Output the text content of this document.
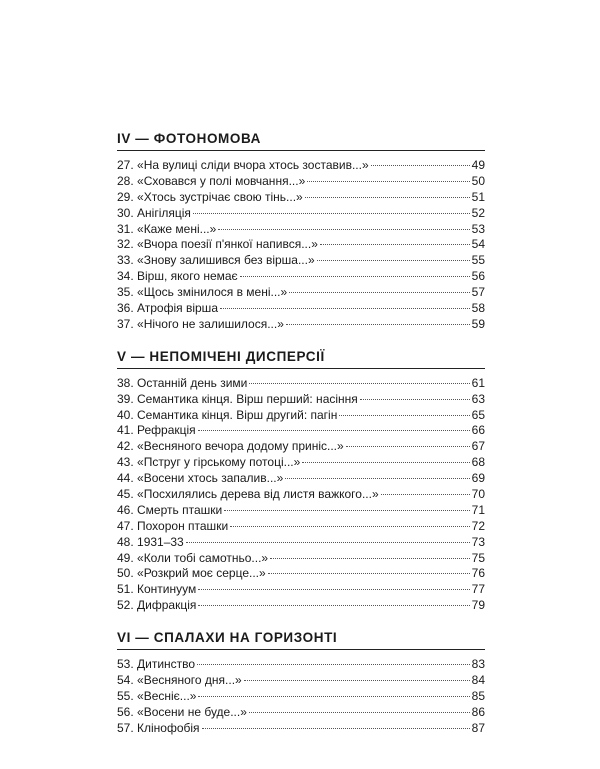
IV — ФОТОНОМОВА
27. «На вулиці сліди вчора хтось зоставив...»	49
28. «Сховався у полі мовчання...»	50
29. «Хтось зустрічає свою тінь...»	51
30. Анігіляція	52
31. «Каже мені...»	53
32. «Вчора поезії п'янкої напився...»	54
33. «Знову залишився без вірша...»	55
34. Вірш, якого немає	56
35. «Щось змінилося в мені...»	57
36. Атрофія вірша	58
37. «Нічого не залишилося...»	59
V — НЕПОМІЧЕНІ ДИСПЕРСІЇ
38. Останній день зими	61
39. Семантика кінця. Вірш перший: насіння	63
40. Семантика кінця. Вірш другий: пагін	65
41. Рефракція	66
42. «Весняного вечора додому приніс...»	67
43. «Пструг у гірському потоці...»	68
44. «Восени хтось запалив...»	69
45. «Посхилялись дерева від листя важкого...»	70
46. Смерть пташки	71
47. Похорон пташки	72
48. 1931–33	73
49. «Коли тобі самотньо...»	75
50. «Розкрий моє серце...»	76
51. Континуум	77
52. Дифракція	79
VI — СПАЛАХИ НА ГОРИЗОНТІ
53. Дитинство	83
54. «Весняного дня...»	84
55. «Веснiє...»	85
56. «Восени не буде...»	86
57. Клінофобія	87
